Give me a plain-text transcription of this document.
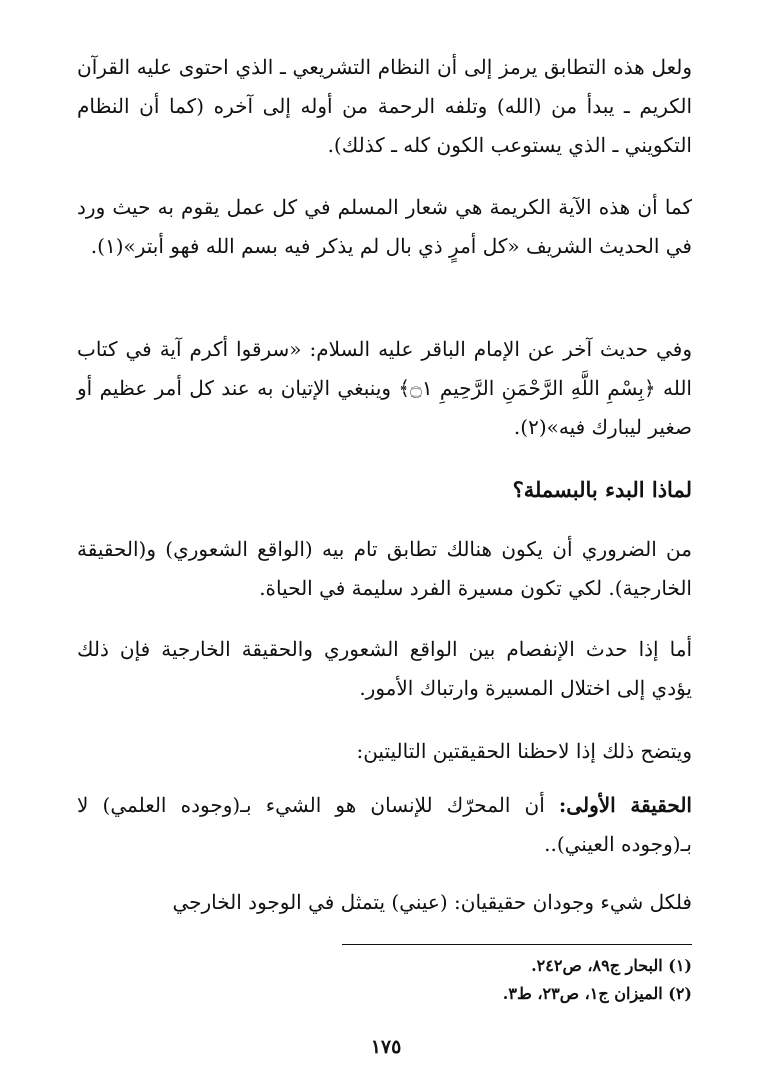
ولعل هذه التطابق يرمز إلى أن النظام التشريعي ـ الذي احتوى عليه القرآن الكريم ـ يبدأ من (الله) وتلفه الرحمة من أوله إلى آخره (كما أن النظام التكويني ـ الذي يستوعب الكون كله ـ كذلك).

كما أن هذه الآية الكريمة هي شعار المسلم في كل عمل يقوم به حيث ورد في الحديث الشريف «كل أمرٍ ذي بال لم يذكر فيه بسم الله فهو أبتر»(١).

وفي حديث آخر عن الإمام الباقر عليه السلام: «سرقوا أكرم آية في كتاب الله ﴿بِسْمِ اللَّهِ الرَّحْمَنِ الرَّحِيمِ ۝١﴾ وينبغي الإتيان به عند كل أمر عظيم أو صغير ليبارك فيه»(٢).

لماذا البدء بالبسملة؟

من الضروري أن يكون هنالك تطابق تام بيه (الواقع الشعوري) و(الحقيقة الخارجية). لكي تكون مسيرة الفرد سليمة في الحياة.

أما إذا حدث الإنفصام بين الواقع الشعوري والحقيقة الخارجية فإن ذلك يؤدي إلى اختلال المسيرة وارتباك الأمور.

ويتضح ذلك إذا لاحظنا الحقيقتين التاليتين:

الحقيقة الأولى: أن المحرّك للإنسان هو الشيء بـ(وجوده العلمي) لا بـ(وجوده العيني)..

فلكل شيء وجودان حقيقيان: (عيني) يتمثل في الوجود الخارجي

(١) البحار ج٨٩، ص٢٤٢.
(٢) الميزان ج١، ص٢٣، ط٣.
١٧٥
